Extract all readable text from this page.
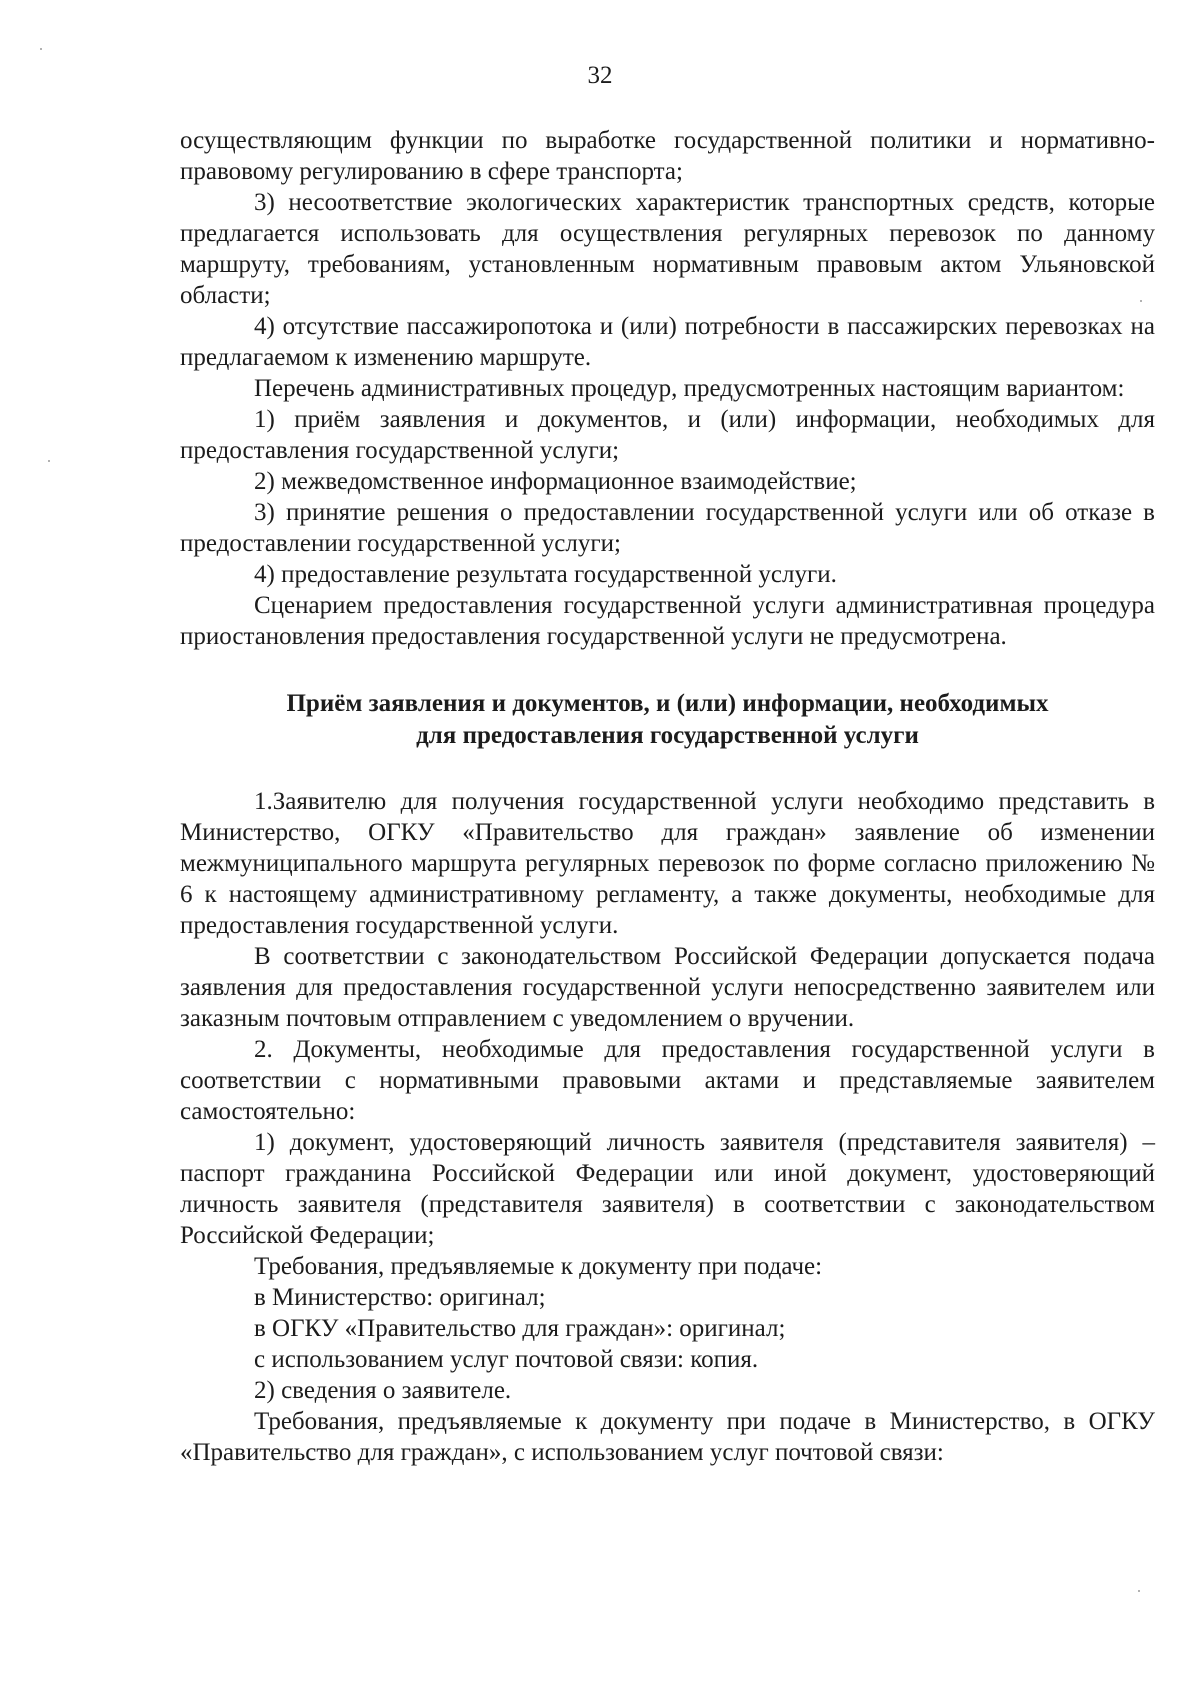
32

осуществляющим функции по выработке государственной политики и нормативно-правовому регулированию в сфере транспорта;

3) несоответствие экологических характеристик транспортных средств, которые предлагается использовать для осуществления регулярных перевозок по данному маршруту, требованиям, установленным нормативным правовым актом Ульяновской области;

4) отсутствие пассажиропотока и (или) потребности в пассажирских перевозках на предлагаемом к изменению маршруте.

Перечень административных процедур, предусмотренных настоящим вариантом:

1) приём заявления и документов, и (или) информации, необходимых для предоставления государственной услуги;

2) межведомственное информационное взаимодействие;

3) принятие решения о предоставлении государственной услуги или об отказе в предоставлении государственной услуги;

4) предоставление результата государственной услуги.

Сценарием предоставления государственной услуги административная процедура приостановления предоставления государственной услуги не предусмотрена.

Приём заявления и документов, и (или) информации, необходимых
для предоставления государственной услуги

1.Заявителю для получения государственной услуги необходимо представить в Министерство, ОГКУ «Правительство для граждан» заявление об изменении межмуниципального маршрута регулярных перевозок по форме согласно приложению № 6 к настоящему административному регламенту, а также документы, необходимые для предоставления государственной услуги.

В соответствии с законодательством Российской Федерации допускается подача заявления для предоставления государственной услуги непосредственно заявителем или заказным почтовым отправлением с уведомлением о вручении.

2. Документы, необходимые для предоставления государственной услуги в соответствии с нормативными правовыми актами и представляемые заявителем самостоятельно:

1) документ, удостоверяющий личность заявителя (представителя заявителя) – паспорт гражданина Российской Федерации или иной документ, удостоверяющий личность заявителя (представителя заявителя) в соответствии с законодательством Российской Федерации;

Требования, предъявляемые к документу при подаче:

в Министерство: оригинал;

в ОГКУ «Правительство для граждан»: оригинал;

с использованием услуг почтовой связи: копия.

2) сведения о заявителе.

Требования, предъявляемые к документу при подаче в Министерство, в ОГКУ «Правительство для граждан», с использованием услуг почтовой связи:
